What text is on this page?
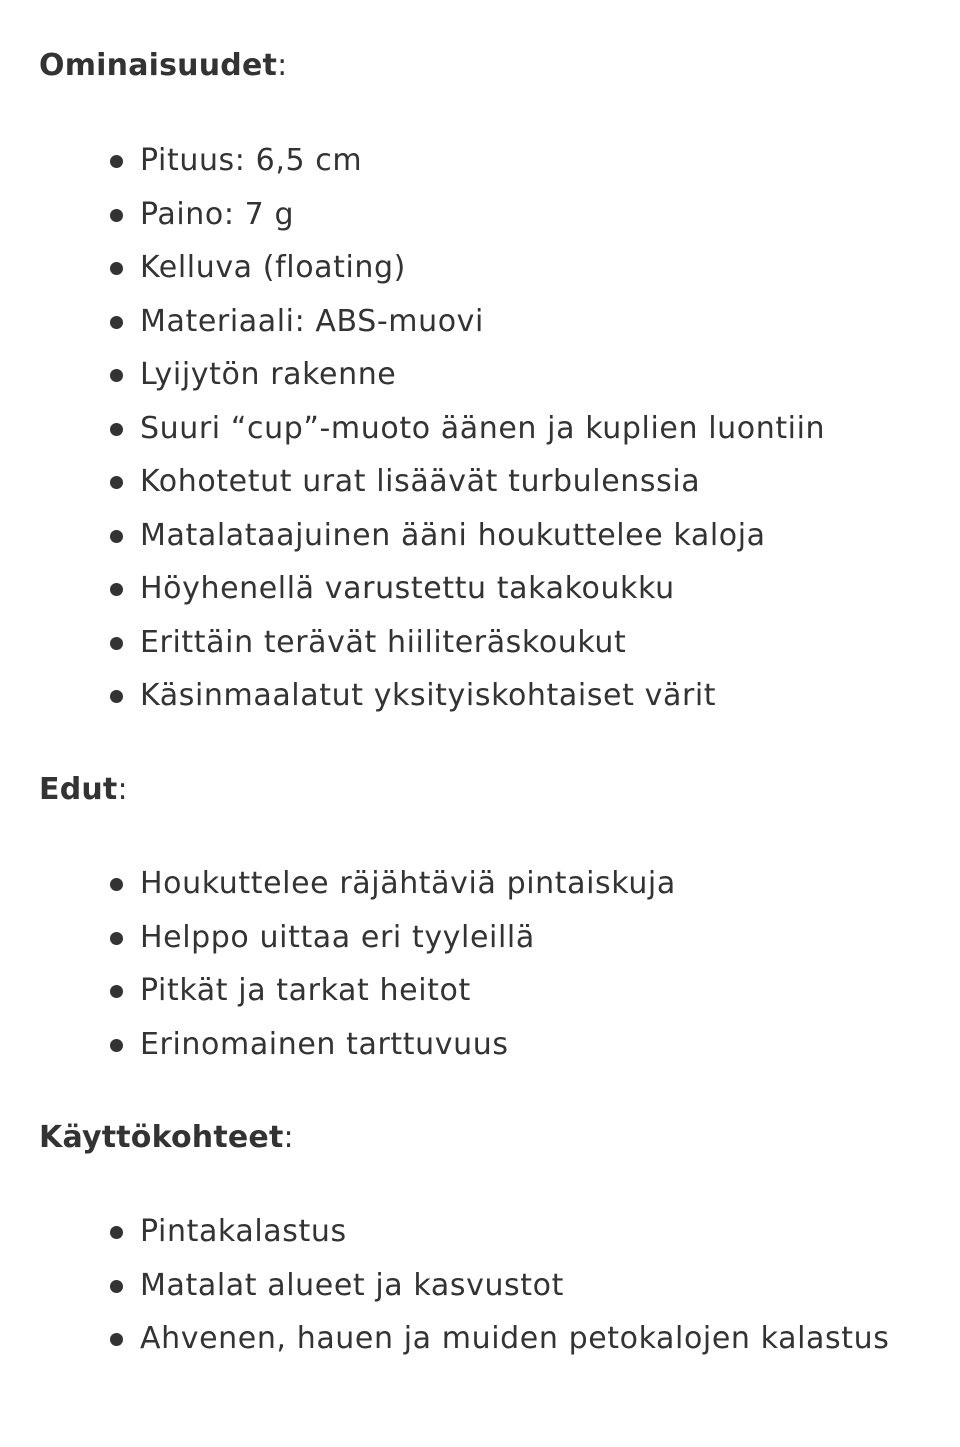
Ominaisuudet:
Pituus: 6,5 cm
Paino: 7 g
Kelluva (floating)
Materiaali: ABS-muovi
Lyijytön rakenne
Suuri “cup”-muoto äänen ja kuplien luontiin
Kohotetut urat lisäävät turbulenssia
Matalataajuinen ääni houkuttelee kaloja
Höyhenellä varustettu takakoukku
Erittäin terävät hiiliteräskoukut
Käsinmaalatut yksityiskohtaiset värit
Edut:
Houkuttelee räjähtäviä pintaiskuja
Helppo uittaa eri tyyleillä
Pitkät ja tarkat heitot
Erinomainen tarttuvuus
Käyttökohteet:
Pintakalastus
Matalat alueet ja kasvustot
Ahvenen, hauen ja muiden petokalojen kalastus
